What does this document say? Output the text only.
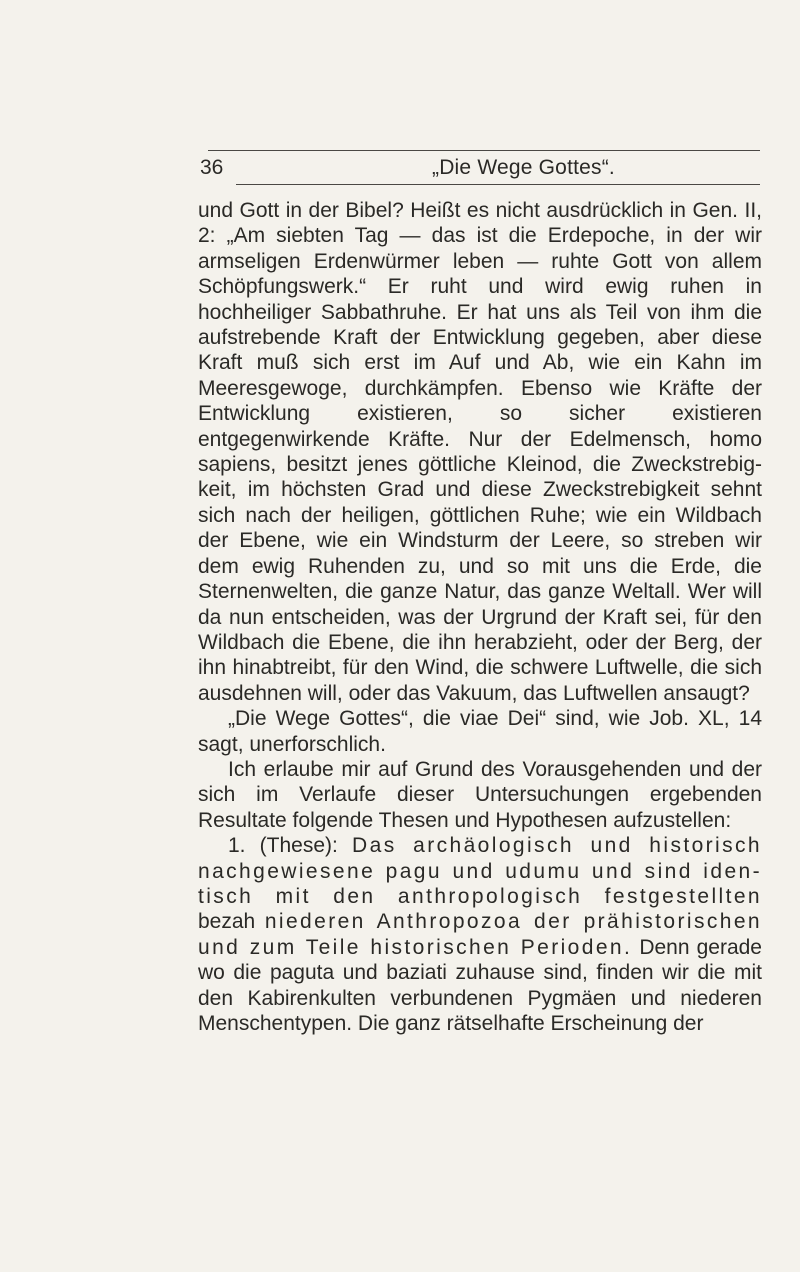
36	„Die Wege Gottes“.

und Gott in der Bibel? Heißt es nicht ausdrücklich in Gen. II, 2: „Am siebten Tag — das ist die Erdepoche, in der wir armseligen Erdenwürmer leben — ruhte Gott von allem Schöpfungswerk.“ Er ruht und wird ewig ruhen in hochheiliger Sabbathruhe. Er hat uns als Teil von ihm die aufstrebende Kraft der Entwicklung gegeben, aber diese Kraft muß sich erst im Auf und Ab, wie ein Kahn im Meeresgewoge, durchkämpfen. Ebenso wie Kräfte der Entwicklung existieren, so sicher existieren entgegenwirkende Kräfte. Nur der Edelmensch, homo sapiens, besitzt jenes göttliche Kleinod, die Zweckstrebig-keit, im höchsten Grad und diese Zweckstrebigkeit sehnt sich nach der heiligen, göttlichen Ruhe; wie ein Wildbach der Ebene, wie ein Windsturm der Leere, so streben wir dem ewig Ruhenden zu, und so mit uns die Erde, die Sternenwelten, die ganze Natur, das ganze Weltall. Wer will da nun entscheiden, was der Urgrund der Kraft sei, für den Wildbach die Ebene, die ihn herabzieht, oder der Berg, der ihn hinabtreibt, für den Wind, die schwere Luftwelle, die sich ausdehnen will, oder das Vakuum, das Luftwellen ansaugt?

„Die Wege Gottes“, die viae Dei“ sind, wie Job. XL, 14 sagt, unerforschlich.

Ich erlaube mir auf Grund des Vorausgehenden und der sich im Verlaufe dieser Untersuchungen ergebenden Resultate folgende Thesen und Hypothesen aufzustellen:

1. (These): Das archäologisch und historisch nachgewiesene pagu und udumu und sind iden-tisch mit den anthropologisch festgestellten bezah niederen Anthropozoa der prähistorischen und zum Teile historischen Perioden. Denn gerade wo die paguta und baziati zuhause sind, finden wir die mit den Kabirenkulten verbundenen Pygmäen und niederen Menschentypen. Die ganz rätselhafte Erscheinung der
